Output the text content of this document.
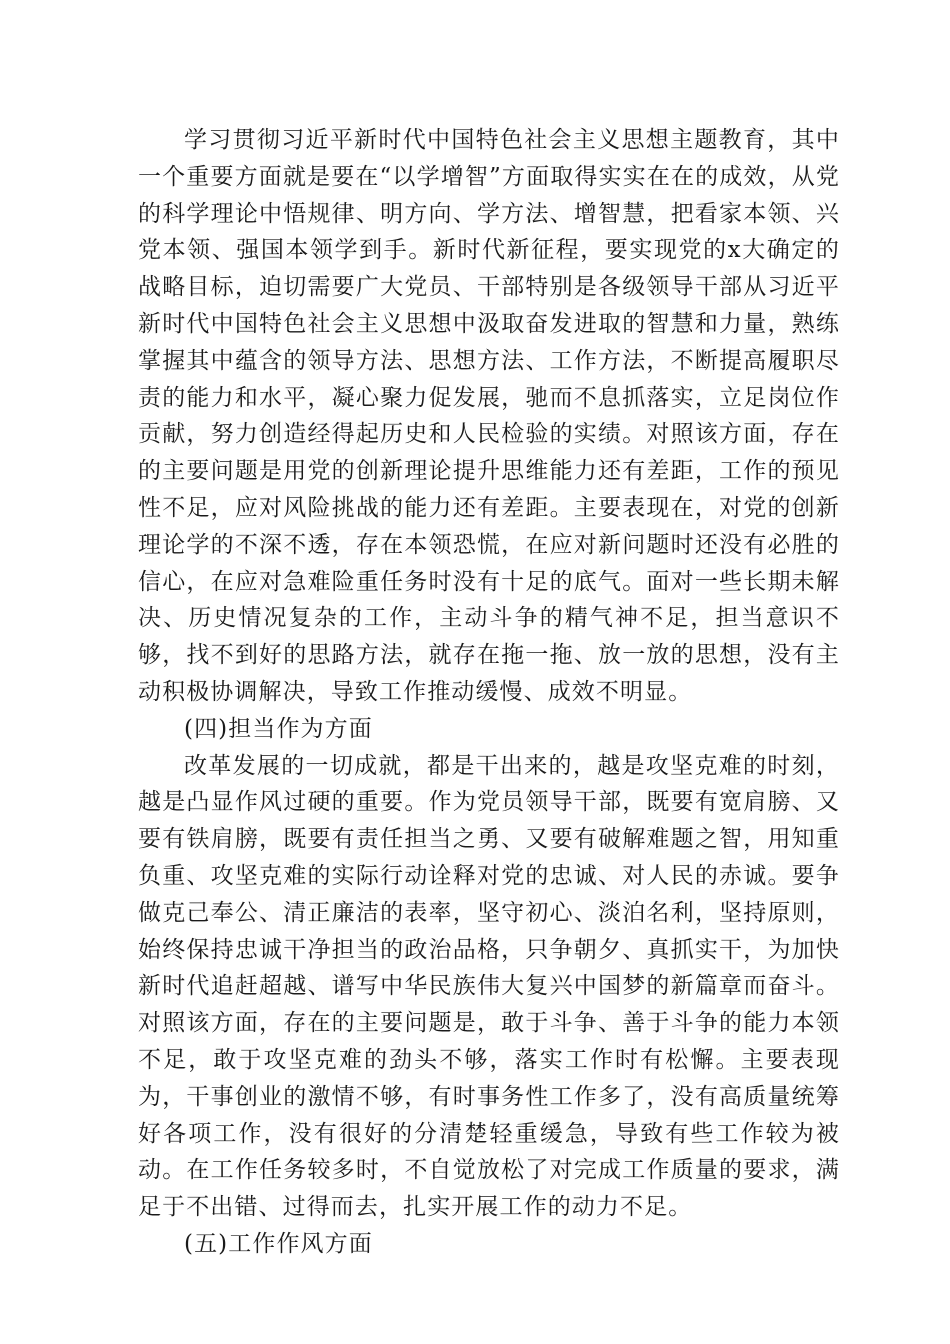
学习贯彻习近平新时代中国特色社会主义思想主题教育，其中一个重要方面就是要在“以学增智”方面取得实实在在的成效，从党的科学理论中悟规律、明方向、学方法、增智慧，把看家本领、兴党本领、强国本领学到手。新时代新征程，要实现党的x大确定的战略目标，迫切需要广大党员、干部特别是各级领导干部从习近平新时代中国特色社会主义思想中汲取奋发进取的智慧和力量，熟练掌握其中蕴含的领导方法、思想方法、工作方法，不断提高履职尽责的能力和水平，凝心聚力促发展，驰而不息抓落实，立足岗位作贡献，努力创造经得起历史和人民检验的实绩。对照该方面，存在的主要问题是用党的创新理论提升思维能力还有差距，工作的预见性不足，应对风险挑战的能力还有差距。主要表现在，对党的创新理论学的不深不透，存在本领恐慌，在应对新问题时还没有必胜的信心，在应对急难险重任务时没有十足的底气。面对一些长期未解决、历史情况复杂的工作，主动斗争的精气神不足，担当意识不够，找不到好的思路方法，就存在拖一拖、放一放的思想，没有主动积极协调解决，导致工作推动缓慢、成效不明显。

(四)担当作为方面

改革发展的一切成就，都是干出来的，越是攻坚克难的时刻，越是凸显作风过硬的重要。作为党员领导干部，既要有宽肩膀、又要有铁肩膀，既要有责任担当之勇、又要有破解难题之智，用知重负重、攻坚克难的实际行动诠释对党的忠诚、对人民的赤诚。要争做克己奉公、清正廉洁的表率，坚守初心、淡泊名利，坚持原则，始终保持忠诚干净担当的政治品格，只争朝夕、真抓实干，为加快新时代追赶超越、谱写中华民族伟大复兴中国梦的新篇章而奋斗。对照该方面，存在的主要问题是，敢于斗争、善于斗争的能力本领不足，敢于攻坚克难的劲头不够，落实工作时有松懈。主要表现为，干事创业的激情不够，有时事务性工作多了，没有高质量统筹好各项工作，没有很好的分清楚轻重缓急，导致有些工作较为被动。在工作任务较多时，不自觉放松了对完成工作质量的要求，满足于不出错、过得而去，扎实开展工作的动力不足。

(五)工作作风方面
